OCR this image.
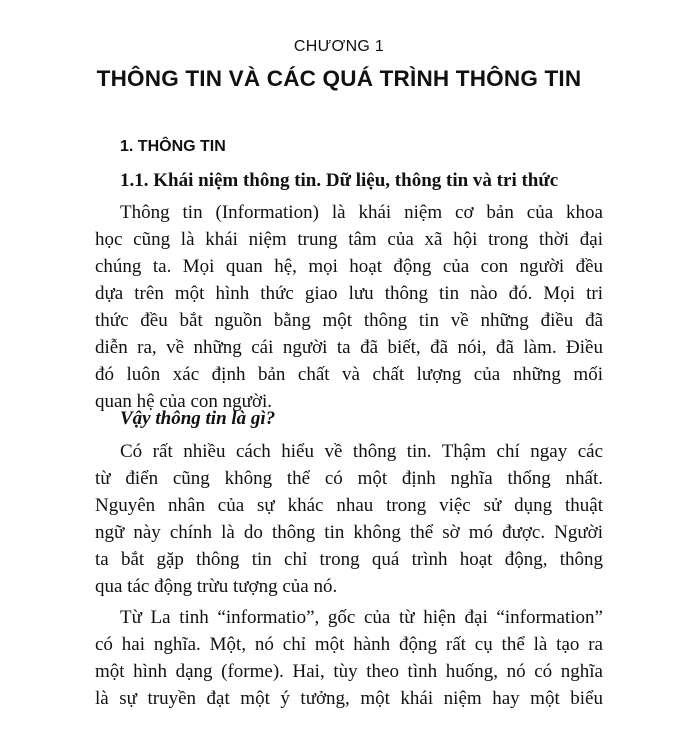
CHƯƠNG 1
THÔNG TIN VÀ CÁC QUÁ TRÌNH THÔNG TIN
1. THÔNG TIN
1.1. Khái niệm thông tin. Dữ liệu, thông tin và tri thức
Thông tin (Information) là khái niệm cơ bản của khoa
học cũng là khái niệm trung tâm của xã hội trong thời đại
chúng ta. Mọi quan hệ, mọi hoạt động của con người đều
dựa trên một hình thức giao lưu thông tin nào đó. Mọi tri
thức đều bắt nguồn bằng một thông tin về những điều đã
diễn ra, về những cái người ta đã biết, đã nói, đã làm. Điều
đó luôn xác định bản chất và chất lượng của những mối
quan hệ của con người.
Vậy thông tin là gì?
Có rất nhiều cách hiểu về thông tin. Thậm chí ngay các
từ điển cũng không thể có một định nghĩa thống nhất.
Nguyên nhân của sự khác nhau trong việc sử dụng thuật
ngữ này chính là do thông tin không thể sờ mó được. Người
ta bắt gặp thông tin chỉ trong quá trình hoạt động, thông
qua tác động trừu tượng của nó.
Từ La tinh “informatio”, gốc của từ hiện đại “information”
có hai nghĩa. Một, nó chỉ một hành động rất cụ thể là tạo ra
một hình dạng (forme). Hai, tùy theo tình huống, nó có nghĩa
là sự truyền đạt một ý tưởng, một khái niệm hay một biểu
